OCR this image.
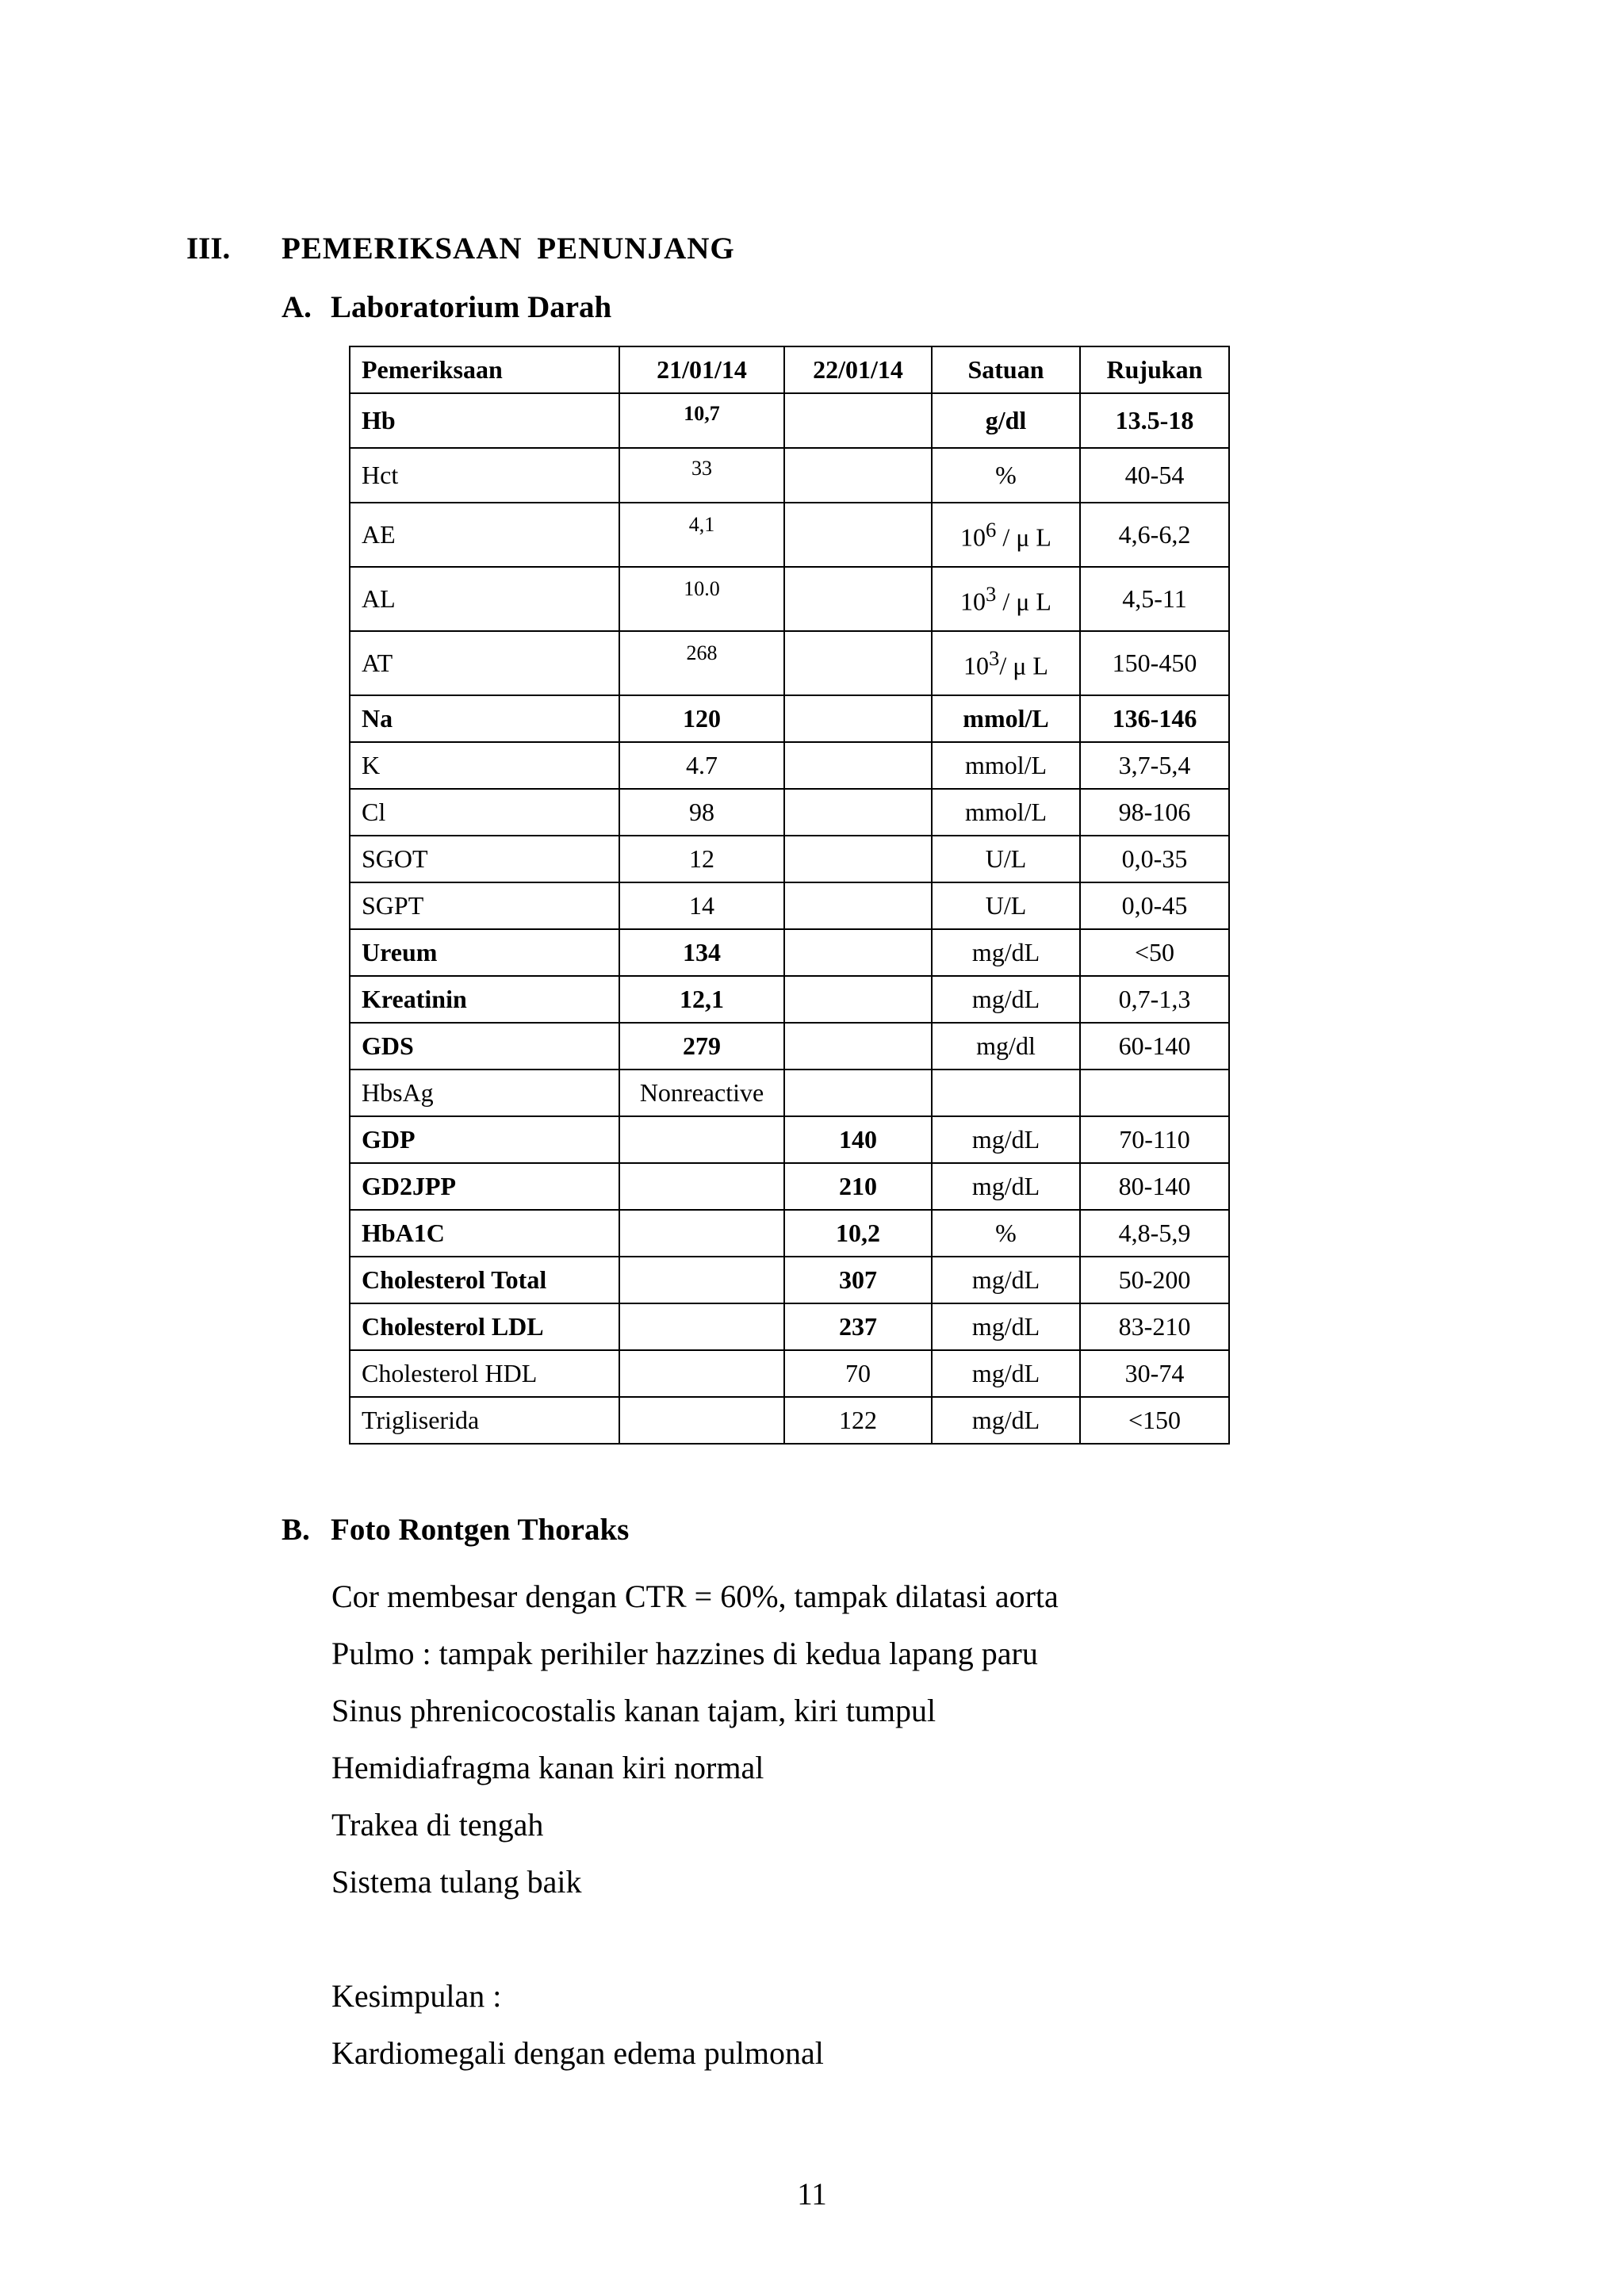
III. PEMERIKSAAN PENUNJANG
A. Laboratorium Darah
Pemeriksaan	21/01/14	22/01/14	Satuan	Rujukan
Hb	10,7		g/dl	13.5-18
Hct	33		%	40-54
AE	4,1		$10^6$ / μ L	4,6-6,2
AL	10.0		$10^3$ / μ L	4,5-11
AT	268		$10^3/$ μ L	150-450
Na	120		mmol/L	136-146
K	4.7		mmol/L	3,7-5,4
Cl	98		mmol/L	98-106
SGOT	12		U/L	0,0-35
SGPT	14		U/L	0,0-45
Ureum	134		mg/dL	<50
Kreatinin	12,1		mg/dL	0,7-1,3
GDS	279		mg/dl	60-140
HbsAg	Nonreactive			
GDP		140	mg/dL	70-110
GD2JPP		210	mg/dL	80-140
HbA1C		10,2	%	4,8-5,9
Cholesterol Total		307	mg/dL	50-200
Cholesterol LDL		237	mg/dL	83-210
Cholesterol HDL		70	mg/dL	30-74
Trigliserida		122	mg/dL	<150
B. Foto Rontgen Thoraks
Cor membesar dengan CTR = 60%, tampak dilatasi aorta
Pulmo : tampak perihiler hazzines di kedua lapang paru
Sinus phrenicocostalis kanan tajam, kiri tumpul
Hemidiafragma kanan kiri normal
Trakea di tengah
Sistema tulang baik
Kesimpulan :
Kardiomegali dengan edema pulmonal
11
